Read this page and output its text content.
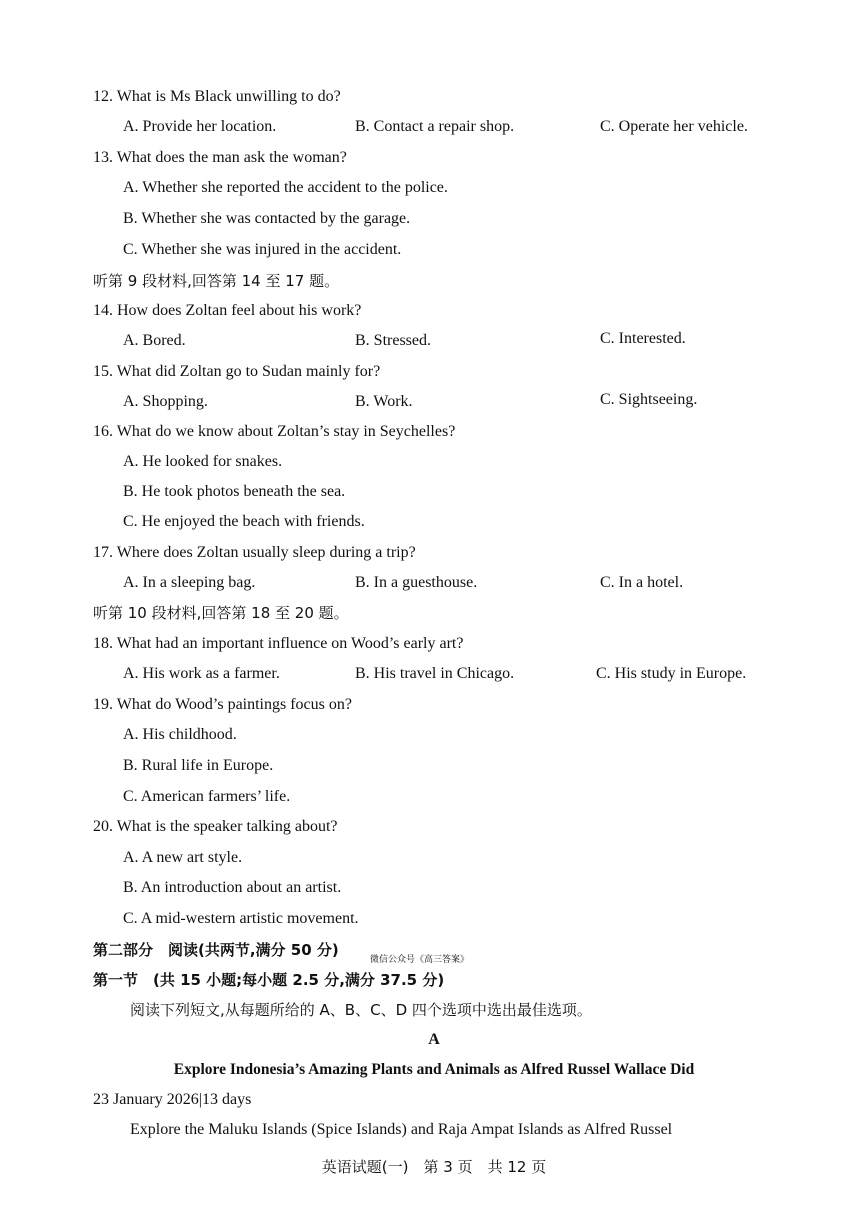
12. What is Ms Black unwilling to do?
A. Provide her location.	B. Contact a repair shop.	C. Operate her vehicle.
13. What does the man ask the woman?
A. Whether she reported the accident to the police.
B. Whether she was contacted by the garage.
C. Whether she was injured in the accident.
听第 9 段材料,回答第 14 至 17 题。
14. How does Zoltan feel about his work?
A. Bored.	B. Stressed.	C. Interested.
15. What did Zoltan go to Sudan mainly for?
A. Shopping.	B. Work.	C. Sightseeing.
16. What do we know about Zoltan’s stay in Seychelles?
A. He looked for snakes.
B. He took photos beneath the sea.
C. He enjoyed the beach with friends.
17. Where does Zoltan usually sleep during a trip?
A. In a sleeping bag.	B. In a guesthouse.	C. In a hotel.
听第 10 段材料,回答第 18 至 20 题。
18. What had an important influence on Wood’s early art?
A. His work as a farmer.	B. His travel in Chicago.	C. His study in Europe.
19. What do Wood’s paintings focus on?
A. His childhood.
B. Rural life in Europe.
C. American farmers’ life.
20. What is the speaker talking about?
A. A new art style.
B. An introduction about an artist.
C. A mid-western artistic movement.
第二部分　阅读(共两节,满分 50 分)
微信公众号《高三答案》
第一节　(共 15 小题;每小题 2.5 分,满分 37.5 分)
阅读下列短文,从每题所给的 A、B、C、D 四个选项中选出最佳选项。
A
Explore Indonesia’s Amazing Plants and Animals as Alfred Russel Wallace Did
23 January 2026|13 days
Explore the Maluku Islands (Spice Islands) and Raja Ampat Islands as Alfred Russel
英语试题(一)　第 3 页　共 12 页
